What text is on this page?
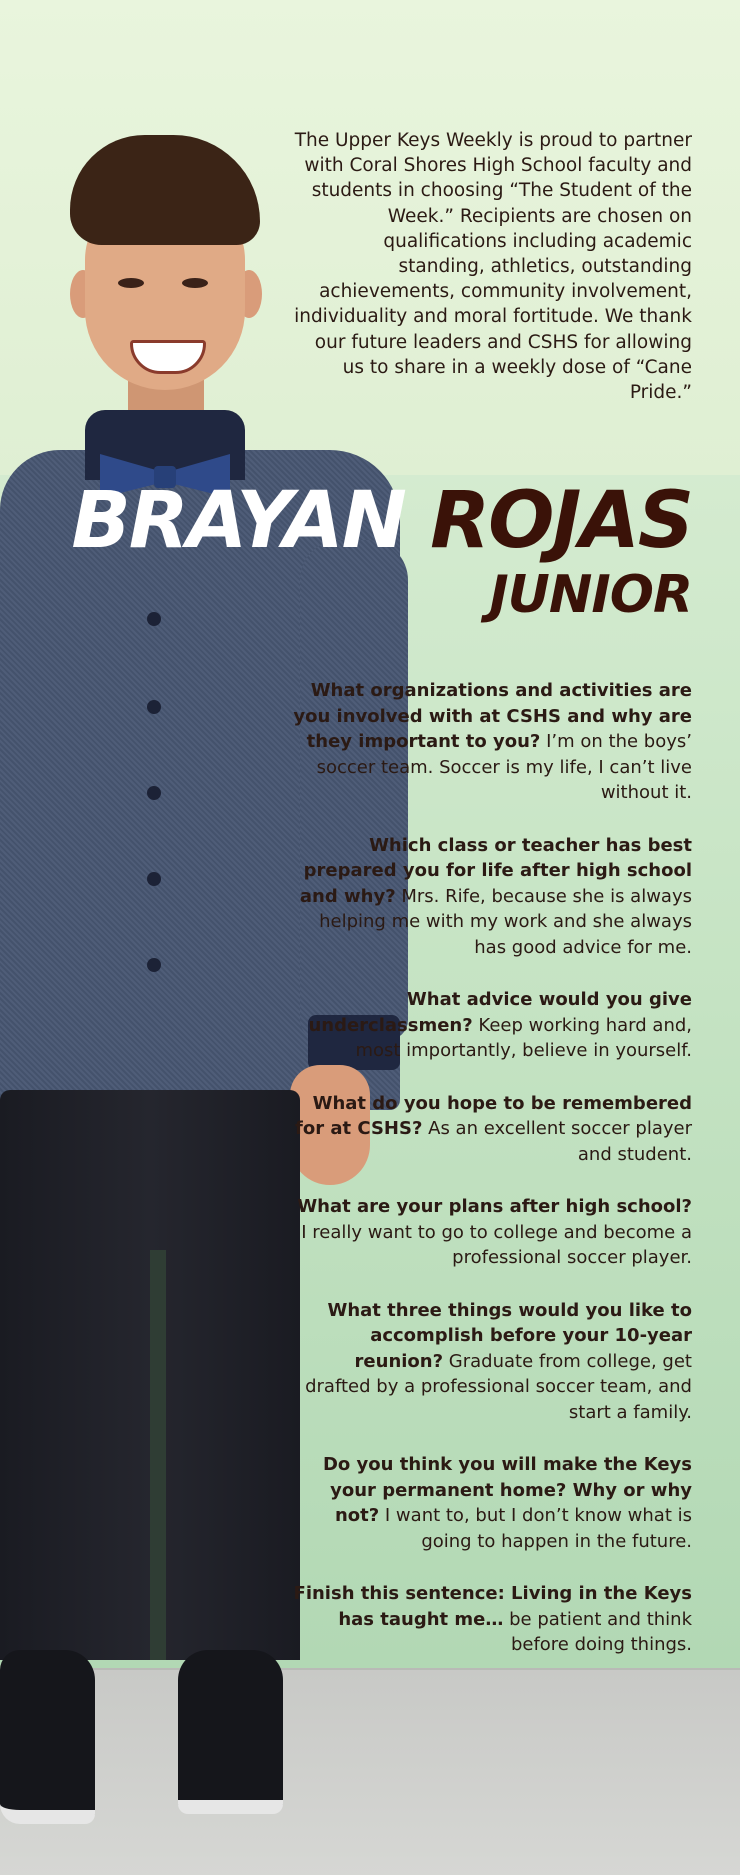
The Upper Keys Weekly is proud to partner with Coral Shores High School faculty and students in choosing “The Student of the Week.” Recipients are chosen on qualifications including academic standing, athletics, outstanding achievements, community involvement, individuality and moral fortitude. We thank our future leaders and CSHS for allowing us to share in a weekly dose of “Cane Pride.”
BRAYAN ROJAS
JUNIOR

What organizations and activities are you involved with at CSHS and why are they important to you? I’m on the boys’ soccer team. Soccer is my life, I can’t live without it.

Which class or teacher has best prepared you for life after high school and why? Mrs. Rife, because she is always helping me with my work and she always has good advice for me.

What advice would you give underclassmen? Keep working hard and, most importantly, believe in yourself.

What do you hope to be remembered for at CSHS? As an excellent soccer player and student.

What are your plans after high school? I really want to go to college and become a professional soccer player.

What three things would you like to accomplish before your 10-year reunion? Graduate from college, get drafted by a professional soccer team, and start a family.

Do you think you will make the Keys your permanent home? Why or why not? I want to, but I don’t know what is going to happen in the future.

Finish this sentence: Living in the Keys has taught me… be patient and think before doing things.
